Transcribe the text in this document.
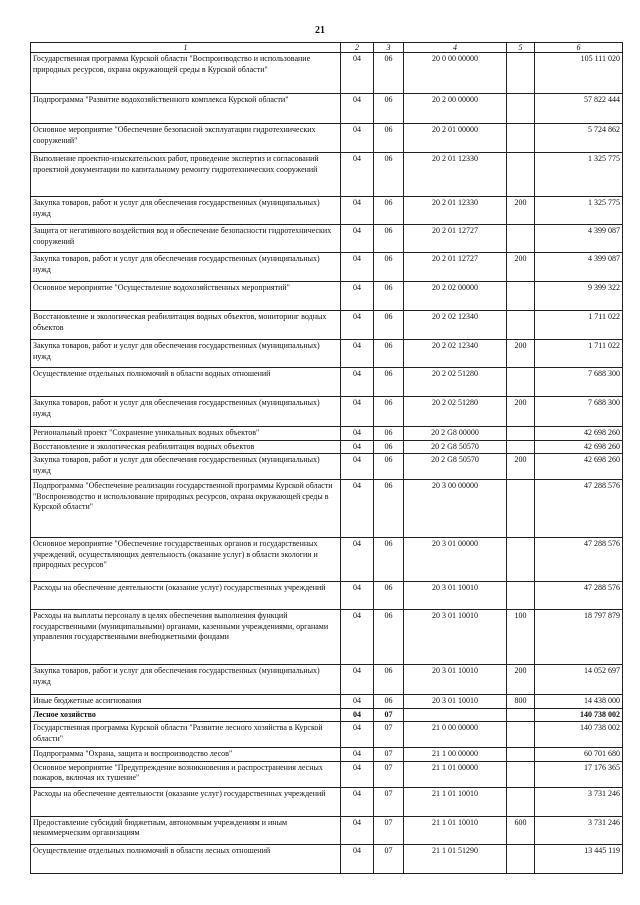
21
1	2	3	4	5	6
Государственная программа Курской области "Воспроизводство и использование природных ресурсов, охрана окружающей среды в Курской области"	04	06	20 0 00 00000		105 111 020
Подпрограмма "Развитие водохозяйственного комплекса Курской области"	04	06	20 2 00 00000		57 822 444
Основное мероприятие "Обеспечение безопасной эксплуатации гидротехнических сооружений"	04	06	20 2 01 00000		5 724 862
Выполнение проектно-изыскательских работ, проведение экспертиз и согласований проектной документации по капитальному ремонту гидротехнических сооружений	04	06	20 2 01 12330		1 325 775
Закупка товаров, работ и услуг для обеспечения государственных (муниципальных) нужд	04	06	20 2 01 12330	200	1 325 775
Защита от негативного воздействия вод и обеспечение безопасности гидротехнических сооружений	04	06	20 2 01 12727		4 399 087
Закупка товаров, работ и услуг для обеспечения государственных (муниципальных) нужд	04	06	20 2 01 12727	200	4 399 087
Основное мероприятие "Осуществление водохозяйственных мероприятий"	04	06	20 2 02 00000		9 399 322
Восстановление и экологическая реабилитация водных объектов, мониторинг водных объектов	04	06	20 2 02 12340		1 711 022
Закупка товаров, работ и услуг для обеспечения государственных (муниципальных) нужд	04	06	20 2 02 12340	200	1 711 022
Осуществление отдельных полномочий в области водных отношений	04	06	20 2 02 51280		7 688 300
Закупка товаров, работ и услуг для обеспечения государственных (муниципальных) нужд	04	06	20 2 02 51280	200	7 688 300
Региональный проект "Сохранение уникальных водных объектов"	04	06	20 2 G8 00000		42 698 260
Восстановление и экологическая реабилитация водных объектов	04	06	20 2 G8 50570		42 698 260
Закупка товаров, работ и услуг для обеспечения государственных (муниципальных) нужд	04	06	20 2 G8 50570	200	42 698 260
Подпрограмма "Обеспечение реализации государственной программы Курской области "Воспроизводство и использование природных ресурсов, охрана окружающей среды в Курской области"	04	06	20 3 00 00000		47 288 576
Основное мероприятие "Обеспечение государственных органов и государственных учреждений, осуществляющих деятельность (оказание услуг) в области экологии и природных ресурсов"	04	06	20 3 01 00000		47 288 576
Расходы на обеспечение деятельности (оказание услуг) государственных учреждений	04	06	20 3 01 10010		47 288 576
Расходы на выплаты персоналу в целях обеспечения выполнения функций государственными (муниципальными) органами, казенными учреждениями, органами управления государственными внебюджетными фондами	04	06	20 3 01 10010	100	18 797 879
Закупка товаров, работ и услуг для обеспечения государственных (муниципальных) нужд	04	06	20 3 01 10010	200	14 052 697
Иные бюджетные ассигнования	04	06	20 3 01 10010	800	14 438 000
Лесное хозяйство	04	07			140 738 002
Государственная программа Курской области "Развитие лесного хозяйства в Курской области"	04	07	21 0 00 00000		140 738 002
Подпрограмма "Охрана, защита и воспроизводство лесов"	04	07	21 1 00 00000		60 701 680
Основное мероприятие "Предупреждение возникновения и распространения лесных пожаров, включая их тушение"	04	07	21 1 01 00000		17 176 365
Расходы на обеспечение деятельности (оказание услуг) государственных учреждений	04	07	21 1 01 10010		3 731 246
Предоставление субсидий бюджетным, автономным учреждениям и иным некоммерческим организациям	04	07	21 1 01 10010	600	3 731 246
Осуществление отдельных полномочий в области лесных отношений	04	07	21 1 01 51290		13 445 119
